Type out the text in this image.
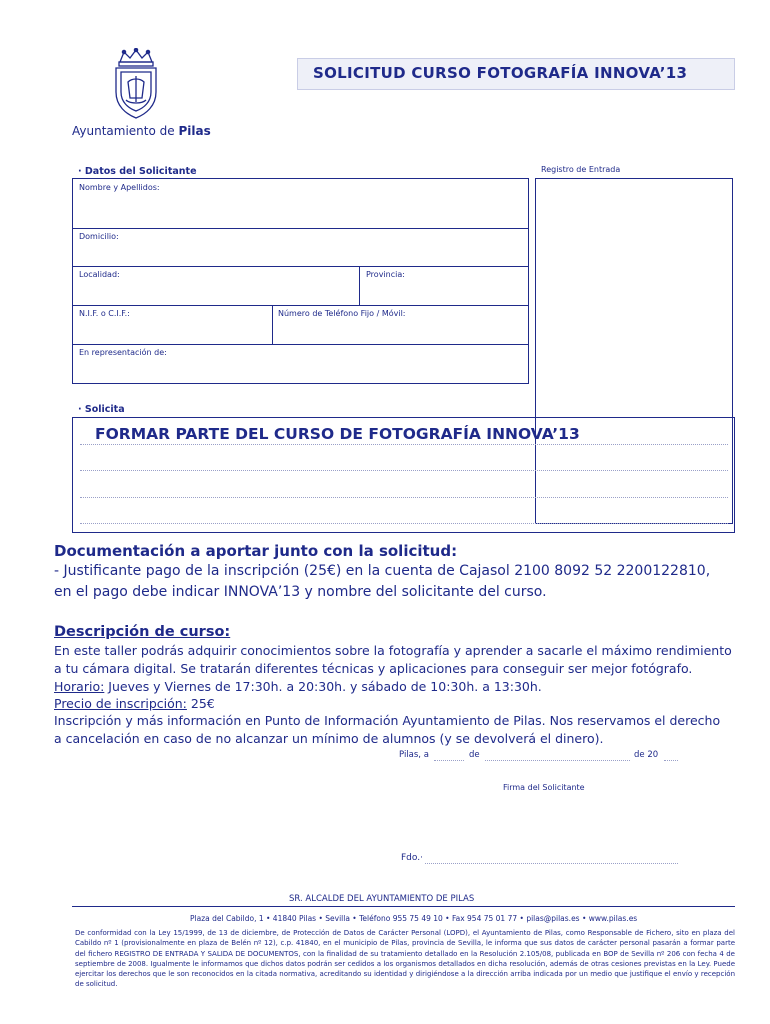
SOLICITUD CURSO FOTOGRAFÍA INNOVA’13
Ayuntamiento de Pilas
· Datos del Solicitante	Registro de Entrada
Nombre y Apellidos:
Domicilio:
Localidad:	Provincia:
N.I.F. o C.I.F.:	Número de Teléfono Fijo / Móvil:
En representación de:
· Solicita
FORMAR PARTE DEL CURSO DE FOTOGRAFÍA INNOVA’13
Documentación a aportar junto con la solicitud:
- Justificante pago de la inscripción (25€) en la cuenta de Cajasol 2100 8092 52 2200122810,
en el pago debe indicar INNOVA’13 y nombre del solicitante del curso.
Descripción de curso:
En este taller podrás adquirir conocimientos sobre la fotografía y aprender a sacarle el máximo rendimiento
a tu cámara digital. Se tratarán diferentes técnicas y aplicaciones para conseguir ser mejor fotógrafo.
Horario: Jueves y Viernes de 17:30h. a 20:30h. y sábado de 10:30h. a 13:30h.
Precio de inscripción: 25€
Inscripción y más información en Punto de Información Ayuntamiento de Pilas. Nos reservamos el derecho
a cancelación en caso de no alcanzar un mínimo de alumnos (y se devolverá el dinero).
Pilas, a	de	de 20
Firma del Solicitante
Fdo.·
SR. ALCALDE DEL AYUNTAMIENTO DE PILAS
Plaza del Cabildo, 1 • 41840 Pilas • Sevilla • Teléfono 955 75 49 10 • Fax 954 75 01 77 • pilas@pilas.es • www.pilas.es
De conformidad con la Ley 15/1999, de 13 de diciembre, de Protección de Datos de Carácter Personal (LOPD), el Ayuntamiento de Pilas, como Responsable de Fichero, sito en plaza del Cabildo nº 1 (provisionalmente en plaza de Belén nº 12), c.p. 41840, en el municipio de Pilas, provincia de Sevilla, le informa que sus datos de carácter personal pasarán a formar parte del fichero REGISTRO DE ENTRADA Y SALIDA DE DOCUMENTOS, con la finalidad de su tratamiento detallado en la Resolución 2.105/08, publicada en BOP de Sevilla nº 206 con fecha 4 de septiembre de 2008. Igualmente le informamos que dichos datos podrán ser cedidos a los organismos detallados en dicha resolución, además de otras cesiones previstas en la Ley. Puede ejercitar los derechos que le son reconocidos en la citada normativa, acreditando su identidad y dirigiéndose a la dirección arriba indicada por un medio que justifique el envío y recepción de solicitud.
